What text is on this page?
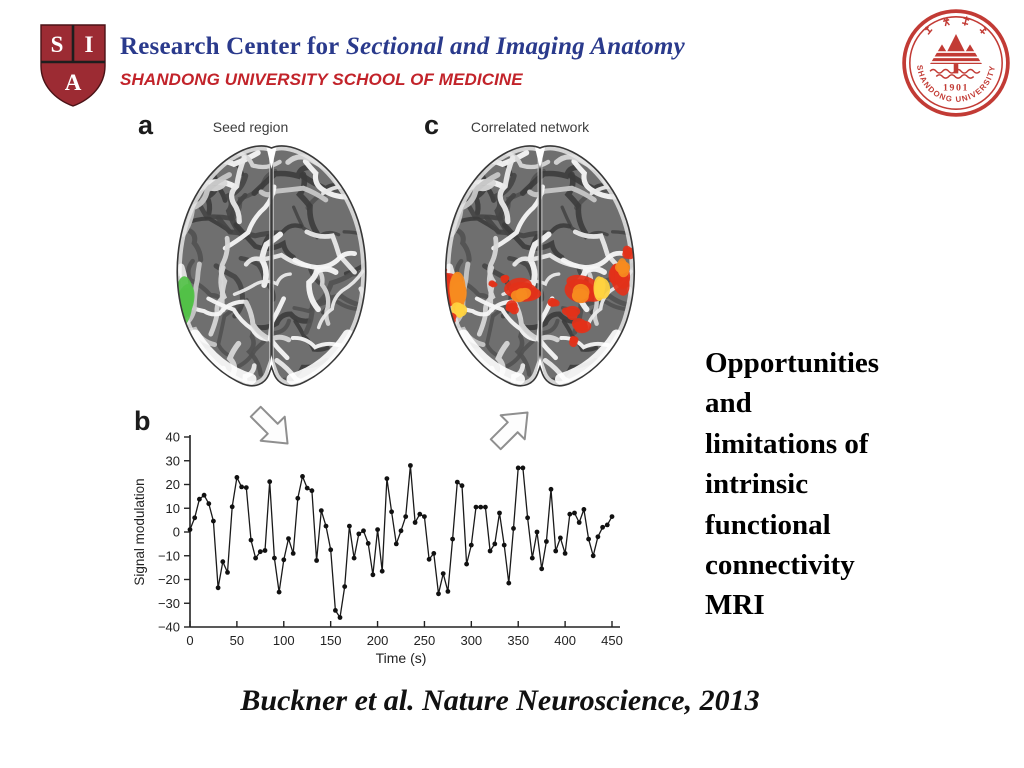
S I
A
Research Center for Sectional and Imaging Anatomy
SHANDONG UNIVERSITY SCHOOL OF MEDICINE	1901
SHANDONG UNIVERSITY
a	Seed region	c	Correlated network
b
−40
−30
−20
−10
0
10
20
30
40
0	50 100 150 200 250 300 350 400 450
Time (s)
Signal modulation
Opportunities
and
limitations of
intrinsic
functional
connectivity
MRI
Buckner et al. Nature Neuroscience, 2013
